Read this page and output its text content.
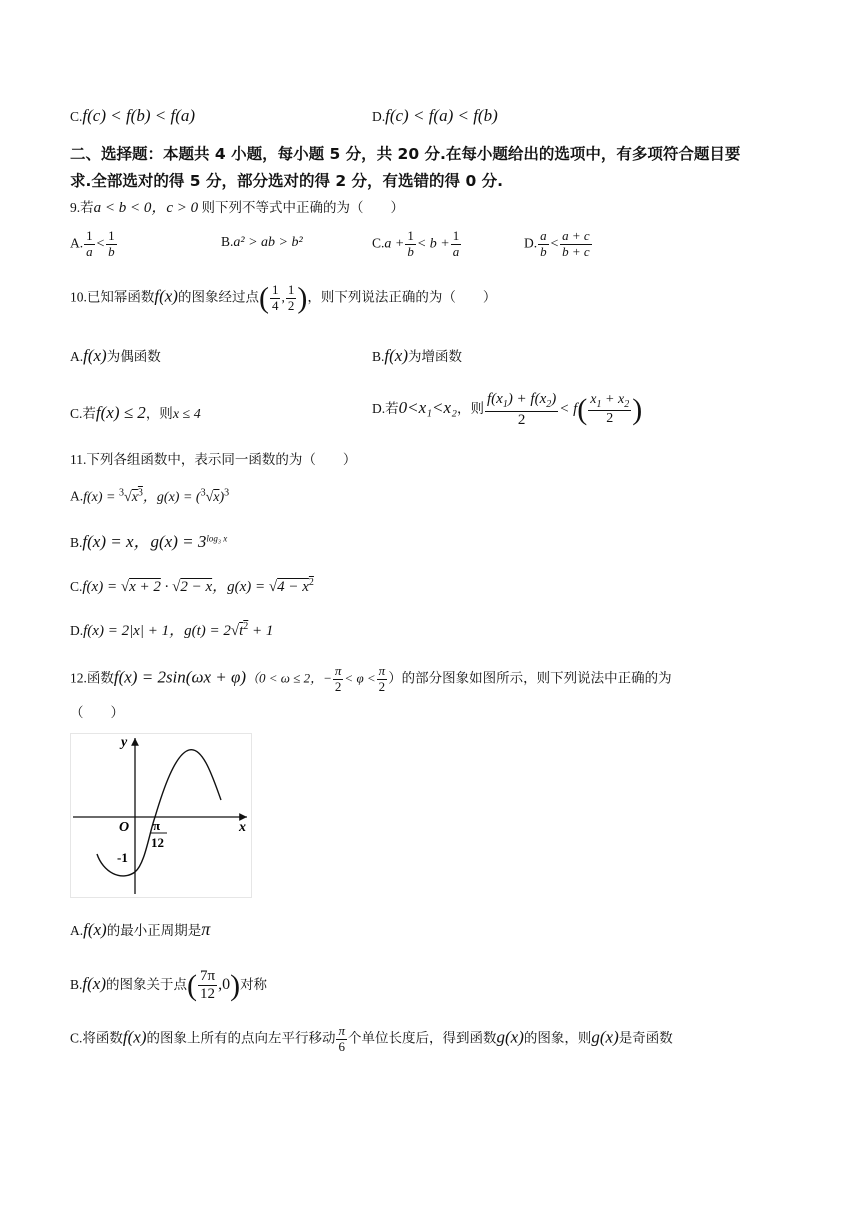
C.f(c) < f(b) < f(a)	D.f(c) < f(a) < f(b)
二、选择题：本题共 4 小题，每小题 5 分，共 20 分.在每小题给出的选项中，有多项符合题目要
求.全部选对的得 5 分，部分选对的得 2 分，有选错的得 0 分.
9.若a < b < 0，c > 0 则下列不等式中正确的为（　　）
A. $\frac{1}{a} < \frac{1}{b}$	B.a² > ab > b²	$C.a + \frac{1}{b} < b + \frac{1}{a}$	D. $\frac{a}{b} < \frac{a + c}{b + c}$
10.已知幂函数f(x)的图象经过点( $\frac{1}{4}$ , $\frac{1}{2}$ )，则下列说法正确的为（　　）
A.f(x)为偶函数	B.f(x)为增函数
C.若f(x) ≤ 2，则x ≤ 4	D.若0<x₁<x₂，则 $\frac{f(x_1) + f(x_2)}{2} < f( \frac{x_1 + x_2}{2}$ )
11.下列各组函数中，表示同一函数的为（　　）
$A.f(x) = ^3√x^3$，$g(x) = (^3√x)^3$
B.f(x) = x，$g(x) = 3^{log_3 x}$
C.f(x) = √x + 2 · √2 − x，$g(x) = √4 - x^2$
D.f(x) = 2|x| + 1，$g(t) = 2√t^2 + 1$
12.函数f(x) = 2sin(ωx + φ)（0 < ω ≤ 2，− $\frac{\pi}{2} < \varphi < \frac{\pi}{2}$ ）的部分图象如图所示，则下列说法中正确的为
（　　）
y
x
O π
12
-1
A.f(x)的最小正周期是π
B.f(x)的图象关于点( $\frac{7\pi}{12} ,0$)对称
C.将函数f(x)的图象上所有的点向左平行移动 $\frac{\pi}{6}$ 个单位长度后，得到函数g(x)的图象，则g(x)是奇函数
